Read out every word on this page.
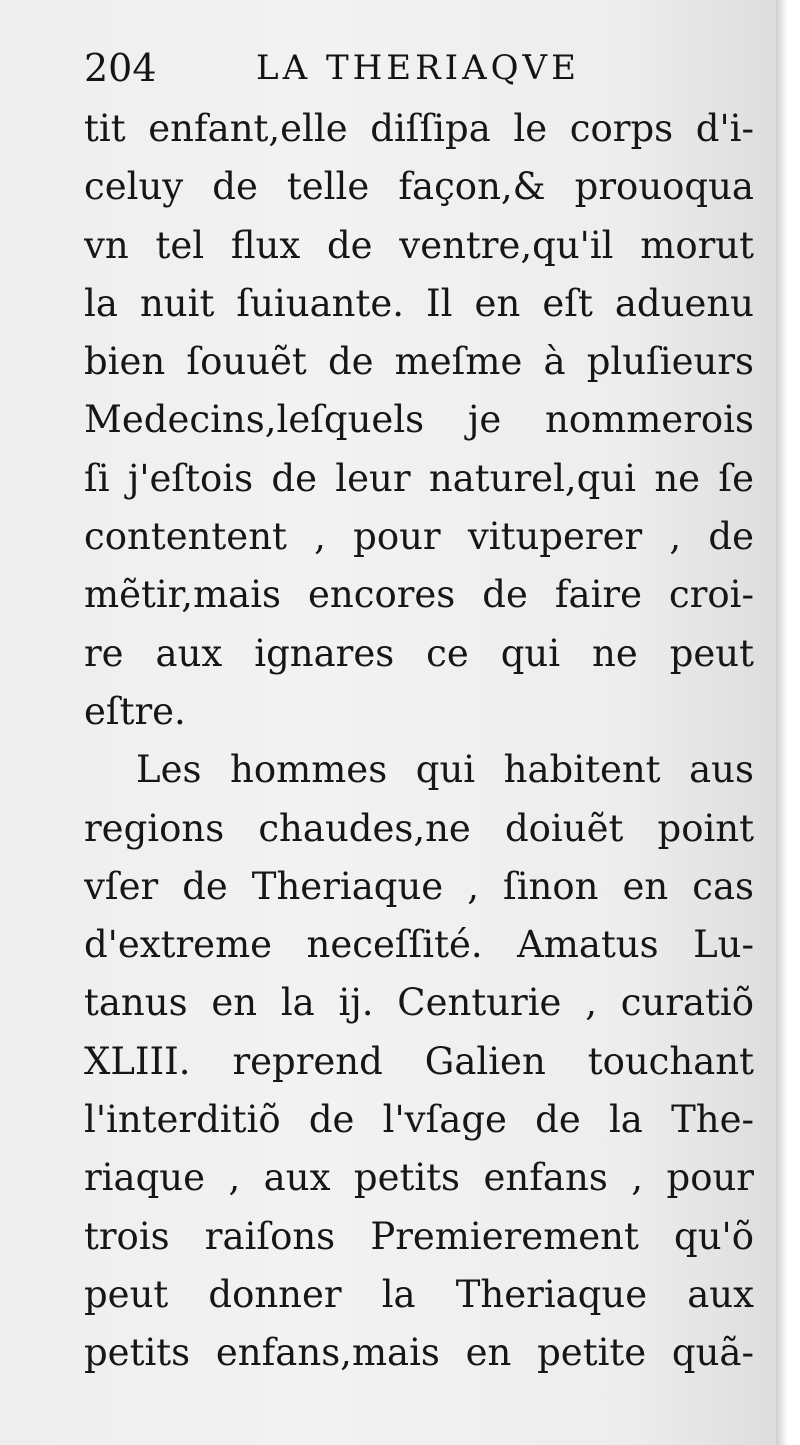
204	LA THERIAQVE
tit enfant,elle diſſipa le corps d'i-
celuy de telle façon,& prouoqua
vn tel flux de ventre,qu'il morut
la nuit ſuiuante. Il en eſt aduenu
bien ſouuẽt de meſme à pluſieurs
Medecins,leſquels je nommerois
ſi j'eſtois de leur naturel,qui ne ſe
contentent , pour vituperer , de
mẽtir,mais encores de faire croi-
re aux ignares ce qui ne peut
eſtre.
Les hommes qui habitent aus
regions chaudes,ne doiuẽt point
vſer de Theriaque , ſinon en cas
d'extreme neceſſité. Amatus Lu-
tanus en la ij. Centurie , curatiõ
XLIII. reprend Galien touchant
l'interditiõ de l'vſage de la The-
riaque , aux petits enfans , pour
trois raiſons Premierement qu'õ
peut donner la Theriaque aux
petits enfans,mais en petite quã-
